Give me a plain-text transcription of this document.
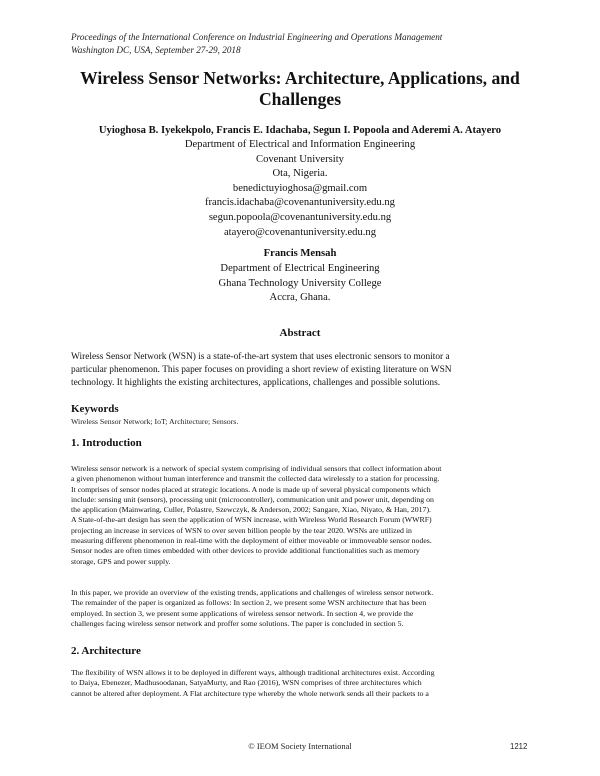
Proceedings of the International Conference on Industrial Engineering and Operations Management
Washington DC, USA, September 27-29, 2018
Wireless Sensor Networks: Architecture, Applications, and
Challenges
Uyioghosa B. Iyekekpolo, Francis E. Idachaba, Segun I. Popoola and Aderemi A. Atayero
Department of Electrical and Information Engineering
Covenant University
Ota, Nigeria.
benedictuyioghosa@gmail.com
francis.idachaba@covenantuniversity.edu.ng
segun.popoola@covenantuniversity.edu.ng
atayero@covenantuniversity.edu.ng
Francis Mensah
Department of Electrical Engineering
Ghana Technology University College
Accra, Ghana.
Abstract
Wireless Sensor Network (WSN) is a state-of-the-art system that uses electronic sensors to monitor a
particular phenomenon. This paper focuses on providing a short review of existing literature on WSN
technology. It highlights the existing architectures, applications, challenges and possible solutions.
Keywords
Wireless Sensor Network; IoT; Architecture; Sensors.
1. Introduction
Wireless sensor network is a network of special system comprising of individual sensors that collect information about
a given phenomenon without human interference and transmit the collected data wirelessly to a station for processing.
It comprises of sensor nodes placed at strategic locations. A node is made up of several physical components which
include: sensing unit (sensors), processing unit (microcontroller), communication unit and power unit, depending on
the application (Mainwaring, Culler, Polastre, Szewczyk, & Anderson, 2002; Sangare, Xiao, Niyato, & Han, 2017).
A State-of-the-art design has seen the application of WSN increase, with Wireless World Research Forum (WWRF)
projecting an increase in services of WSN to over seven billion people by the tear 2020. WSNs are utilized in
measuring different phenomenon in real-time with the deployment of either moveable or immoveable sensor nodes.
Sensor nodes are often times embedded with other devices to provide additional functionalities such as memory
storage, GPS and power supply.
In this paper, we provide an overview of the existing trends, applications and challenges of wireless sensor network.
The remainder of the paper is organized as follows: In section 2, we present some WSN architecture that has been
employed. In section 3, we present some applications of wireless sensor network. In section 4, we provide the
challenges facing wireless sensor network and proffer some solutions. The paper is concluded in section 5.
2. Architecture
The flexibility of WSN allows it to be deployed in different ways, although traditional architectures exist. According
to Daiya, Ebenezer, Madhusoodanan, SatyaMurty, and Rao (2016), WSN comprises of three architectures which
cannot be altered after deployment. A Flat architecture type whereby the whole network sends all their packets to a
© IEOM Society International	1212
